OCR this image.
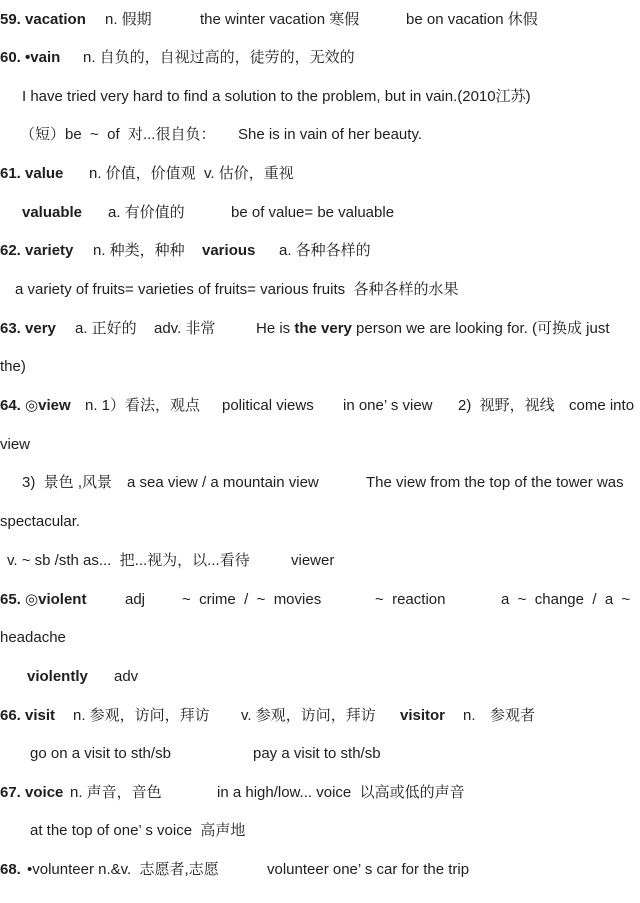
59. vacation n. 假期	the winter vacation 寒假	be on vacation 休假
60. •vain n. 自负的，自视过高的，徒劳的，无效的
I have tried very hard to find a solution to the problem, but in vain.(2010江苏)
（短）be  ~  of  对...很自负： She is in vain of her beauty.
61. value n. 价值，价值观  v. 估价，重视
valuable a. 有价值的	be of value= be valuable
62. variety n. 种类，种种 various a. 各种各样的
a variety of fruits= varieties of fruits= various fruits  各种各样的水果
63. very a. 正好的 adv. 非常	He is the very person we are looking for. (可换成 just
the)
64. ◎view n. 1）看法，观点 political views in one’ s view 2)  视野，视线 come into
view
3)  景色 ,风景 a sea view / a mountain view	The view from the top of the tower was
spectacular.
v. ~ sb /sth as...  把...视为，以...看待	viewer
65. ◎violent	adj ~  crime  /  ~  movies	~  reaction	a  ~  change  /  a  ~
headache
violently adv
66. visit n. 参观，访问，拜访 v. 参观，访问，拜访 visitor n. 参观者
go on a visit to sth/sb	pay a visit to sth/sb
67. voice n. 声音，音色	in a high/low... voice  以高或低的声音
at the top of one’ s voice  高声地
68. •volunteer n.&v.  志愿者,志愿	volunteer one’ s car for the trip
